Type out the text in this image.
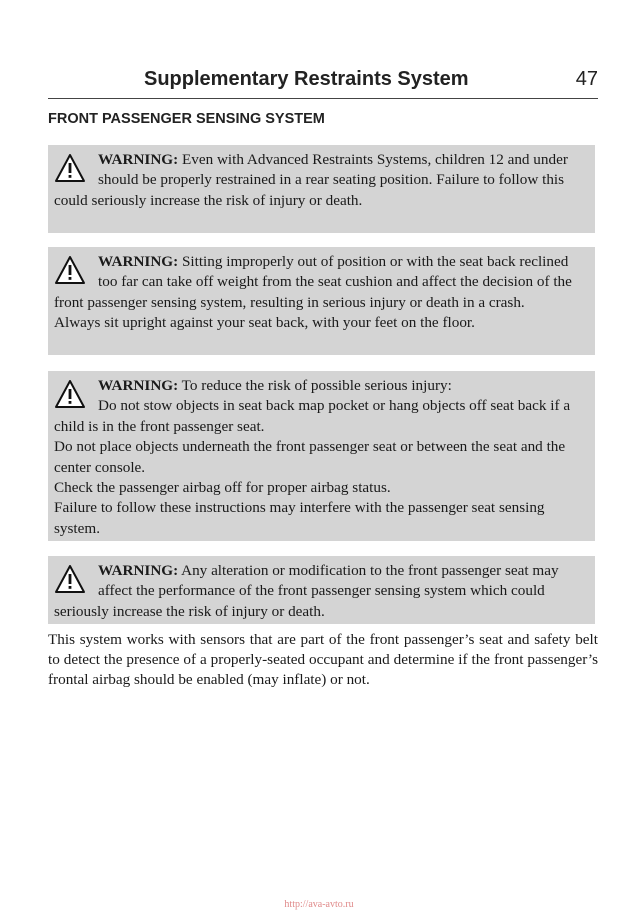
Supplementary Restraints System	47
FRONT PASSENGER SENSING SYSTEM

WARNING: Even with Advanced Restraints Systems, children 12 and under should be properly restrained in a rear seating position. Failure to follow this could seriously increase the risk of injury or death.

WARNING: Sitting improperly out of position or with the seat back reclined too far can take off weight from the seat cushion and affect the decision of the front passenger sensing system, resulting in serious injury or death in a crash.

Always sit upright against your seat back, with your feet on the floor.

WARNING: To reduce the risk of possible serious injury:

Do not stow objects in seat back map pocket or hang objects off seat back if a child is in the front passenger seat.

Do not place objects underneath the front passenger seat or between the seat and the center console.

Check the passenger airbag off for proper airbag status.

Failure to follow these instructions may interfere with the passenger seat sensing system.

WARNING: Any alteration or modification to the front passenger seat may affect the performance of the front passenger sensing system which could seriously increase the risk of injury or death.

This system works with sensors that are part of the front passenger’s seat and safety belt to detect the presence of a properly-seated occupant and determine if the front passenger’s frontal airbag should be enabled (may inflate) or not.

http://ava-avto.ru
